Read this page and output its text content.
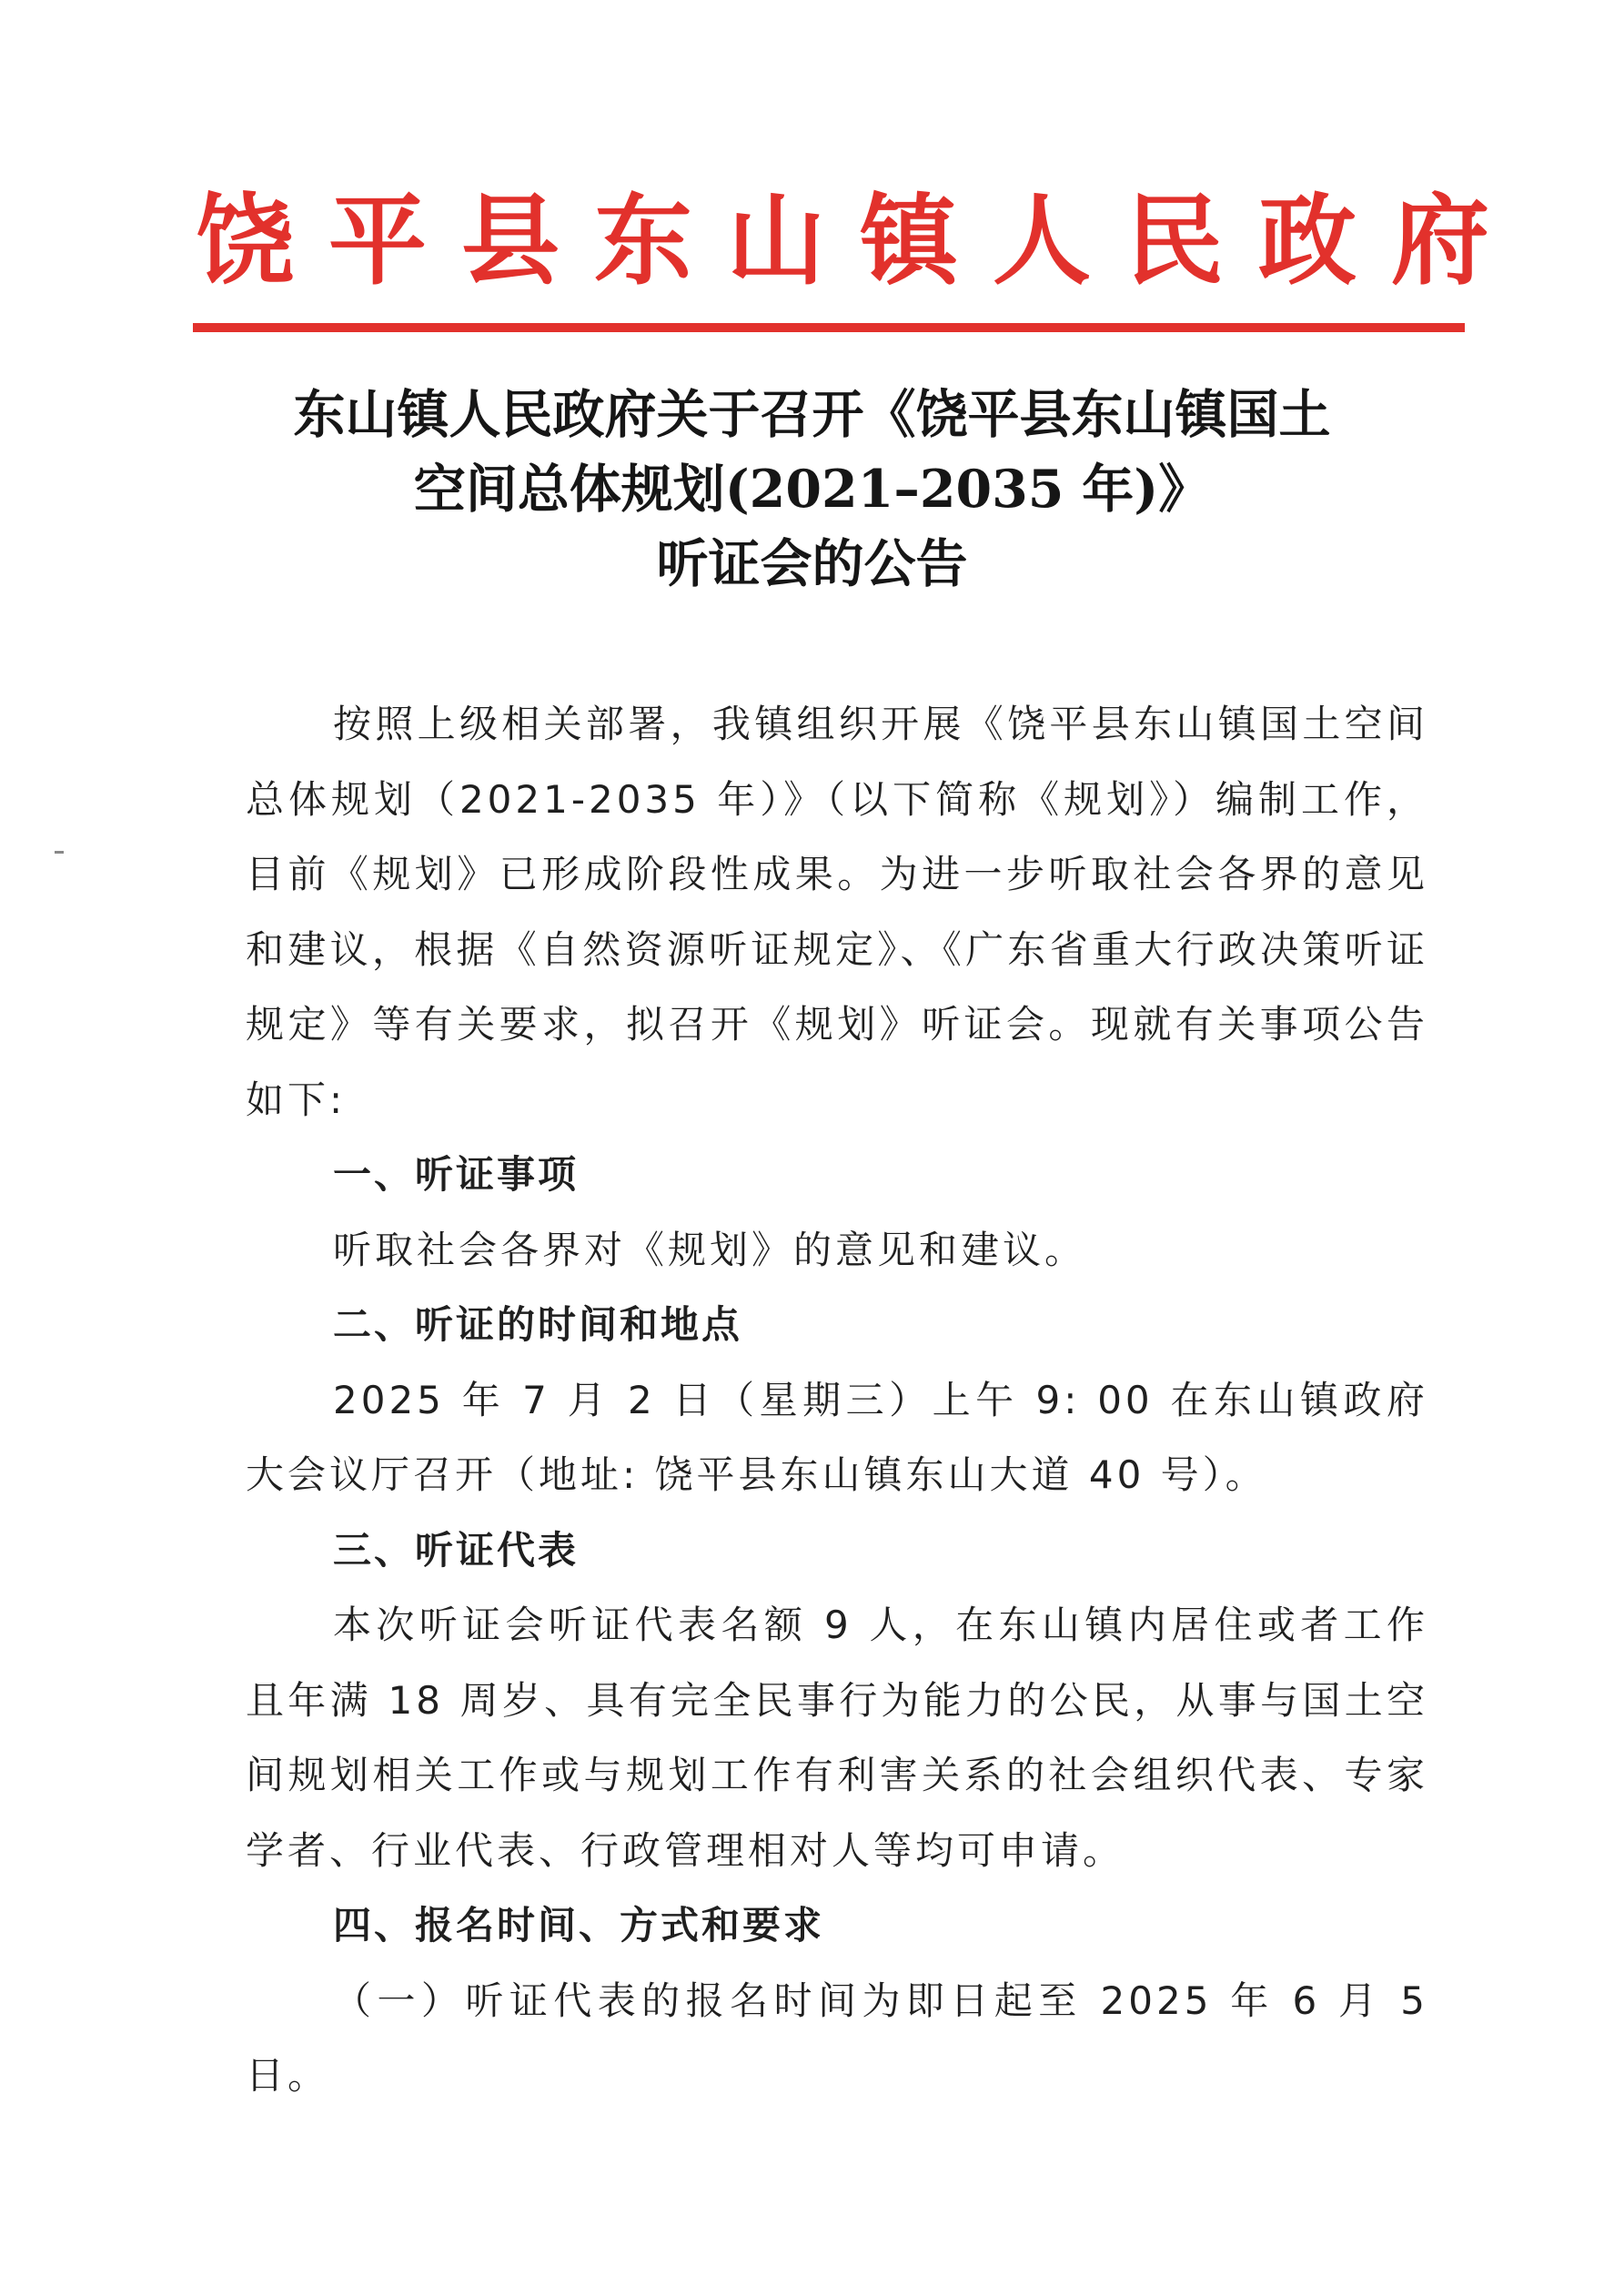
饶平县东山镇人民政府
东山镇人民政府关于召开《饶平县东山镇国土
空间总体规划(2021–2035 年)》
听证会的公告

按照上级相关部署，我镇组织开展《饶平县东山镇国土空间总体规划（2021-2035 年）》（以下简称《规划》）编制工作，目前《规划》已形成阶段性成果。为进一步听取社会各界的意见和建议，根据《自然资源听证规定》、《广东省重大行政决策听证规定》等有关要求，拟召开《规划》听证会。现就有关事项公告如下:

一、听证事项

听取社会各界对《规划》的意见和建议。

二、听证的时间和地点

2025 年 7 月 2 日（星期三）上午 9: 00 在东山镇政府大会议厅召开（地址: 饶平县东山镇东山大道 40 号）。

三、听证代表

本次听证会听证代表名额 9 人，在东山镇内居住或者工作且年满 18 周岁、具有完全民事行为能力的公民，从事与国土空间规划相关工作或与规划工作有利害关系的社会组织代表、专家学者、行业代表、行政管理相对人等均可申请。

四、报名时间、方式和要求

（一）听证代表的报名时间为即日起至 2025 年 6 月 5 日。
